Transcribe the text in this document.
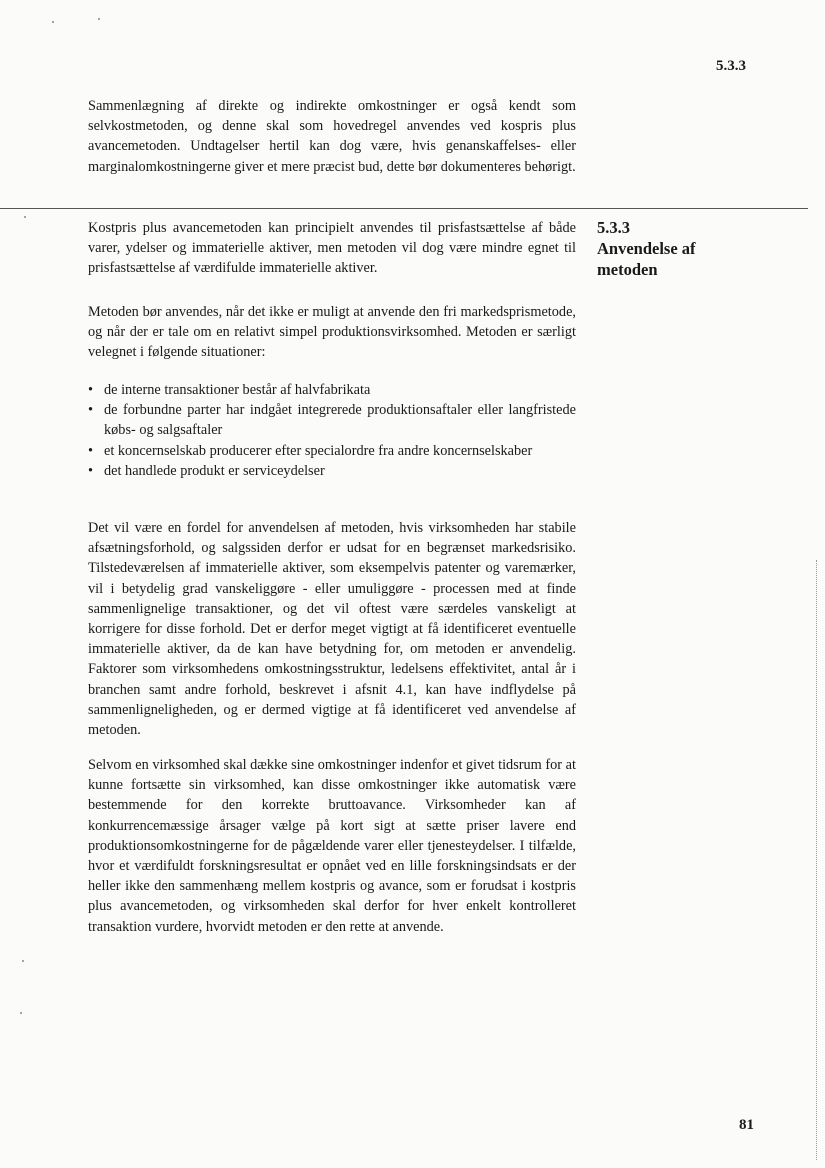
5.3.3

Sammenlægning af direkte og indirekte omkostninger er også kendt som selvkostmetoden, og denne skal som hovedregel anvendes ved kospris plus avancemetoden. Undtagelser hertil kan dog være, hvis genanskaffelses- eller marginalomkostningerne giver et mere præcist bud, dette bør dokumenteres behørigt.

5.3.3
Anvendelse af
metoden

Kostpris plus avancemetoden kan principielt anvendes til prisfastsættelse af både varer, ydelser og immaterielle aktiver, men metoden vil dog være mindre egnet til prisfastsættelse af værdifulde immaterielle aktiver.

Metoden bør anvendes, når det ikke er muligt at anvende den fri markedsprismetode, og når der er tale om en relativt simpel produktionsvirksomhed. Metoden er særligt velegnet i følgende situationer:

• de interne transaktioner består af halvfabrikata
• de forbundne parter har indgået integrerede produktionsaftaler eller langfristede købs- og salgsaftaler
• et koncernselskab producerer efter specialordre fra andre koncernselskaber
• det handlede produkt er serviceydelser

Det vil være en fordel for anvendelsen af metoden, hvis virksomheden har stabile afsætningsforhold, og salgssiden derfor er udsat for en begrænset markedsrisiko. Tilstedeværelsen af immaterielle aktiver, som eksempelvis patenter og varemærker, vil i betydelig grad vanskeliggøre - eller umuliggøre - processen med at finde sammenlignelige transaktioner, og det vil oftest være særdeles vanskeligt at korrigere for disse forhold. Det er derfor meget vigtigt at få identificeret eventuelle immaterielle aktiver, da de kan have betydning for, om metoden er anvendelig. Faktorer som virksomhedens omkostningsstruktur, ledelsens effektivitet, antal år i branchen samt andre forhold, beskrevet i afsnit 4.1, kan have indflydelse på sammenligneligheden, og er dermed vigtige at få identificeret ved anvendelse af metoden.

Selvom en virksomhed skal dække sine omkostninger indenfor et givet tidsrum for at kunne fortsætte sin virksomhed, kan disse omkostninger ikke automatisk være bestemmende for den korrekte bruttoavance. Virksomheder kan af konkurrencemæssige årsager vælge på kort sigt at sætte priser lavere end produktionsomkostningerne for de pågældende varer eller tjenesteydelser. I tilfælde, hvor et værdifuldt forskningsresultat er opnået ved en lille forskningsindsats er der heller ikke den sammenhæng mellem kostpris og avance, som er forudsat i kostpris plus avancemetoden, og virksomheden skal derfor for hver enkelt kontrolleret transaktion vurdere, hvorvidt metoden er den rette at anvende.

81
